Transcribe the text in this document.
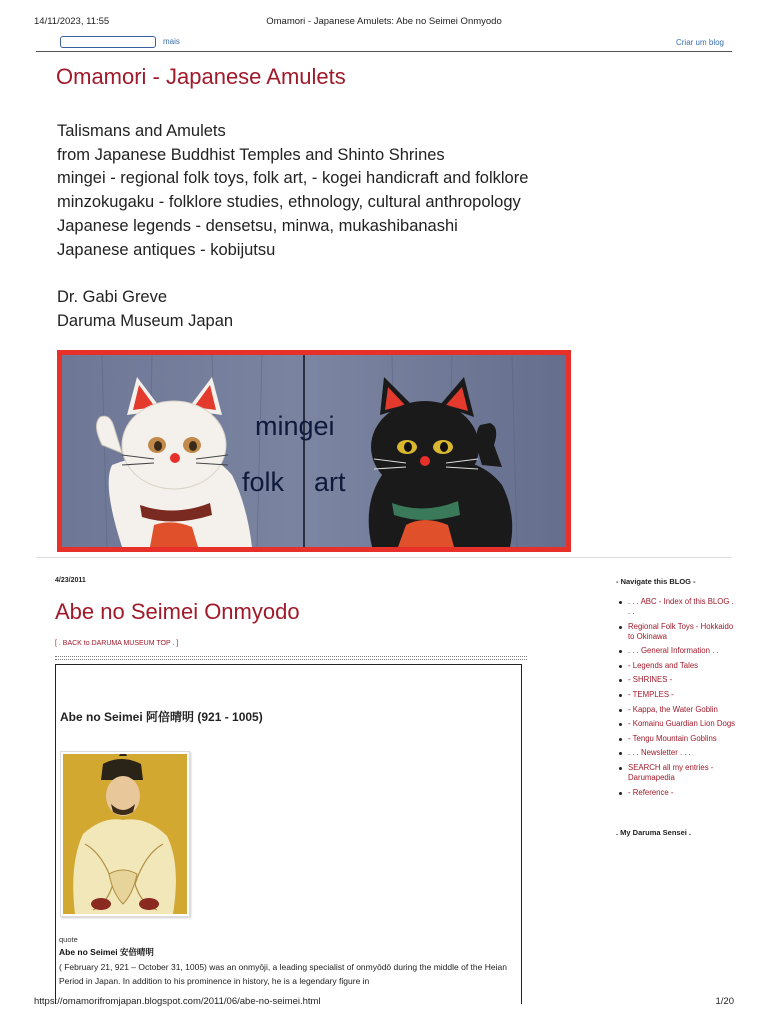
14/11/2023, 11:55	Omamori - Japanese Amulets: Abe no Seimei Onmyodo
mais	Criar um blog
Omamori - Japanese Amulets
Talismans and Amulets
from Japanese Buddhist Temples and Shinto Shrines
mingei - regional folk toys, folk art, - kogei handicraft and folklore
minzokugaku - folklore studies, ethnology, cultural anthropology
Japanese legends - densetsu, minwa, mukashibanashi
Japanese antiques - kobijutsu
Dr. Gabi Greve
Daruma Museum Japan
mingei
folk art
4/23/2011
Abe no Seimei Onmyodo
[ . BACK to DARUMA MUSEUM TOP . ]
Abe no Seimei 阿倍晴明 (921 - 1005)
quote
Abe no Seimei 安倍晴明
( February 21, 921 – October 31, 1005) was an onmyōji, a leading specialist of onmyōdō during the middle of the Heian Period in Japan. In addition to his prominence in history, he is a legendary figure in
- Navigate this BLOG -
. . . ABC - Index of this BLOG . . .
Regional Folk Toys - Hokkaido to Okinawa
. . . General Information . .
- Legends and Tales
- SHRINES -
- TEMPLES -
- Kappa, the Water Goblin
- Komainu Guardian Lion Dogs
- Tengu Mountain Goblins
. . . Newsletter . . .
SEARCH all my entries - Darumapedia
- Reference -
. My Daruma Sensei .
https://omamorifromjapan.blogspot.com/2011/06/abe-no-seimei.html	1/20
